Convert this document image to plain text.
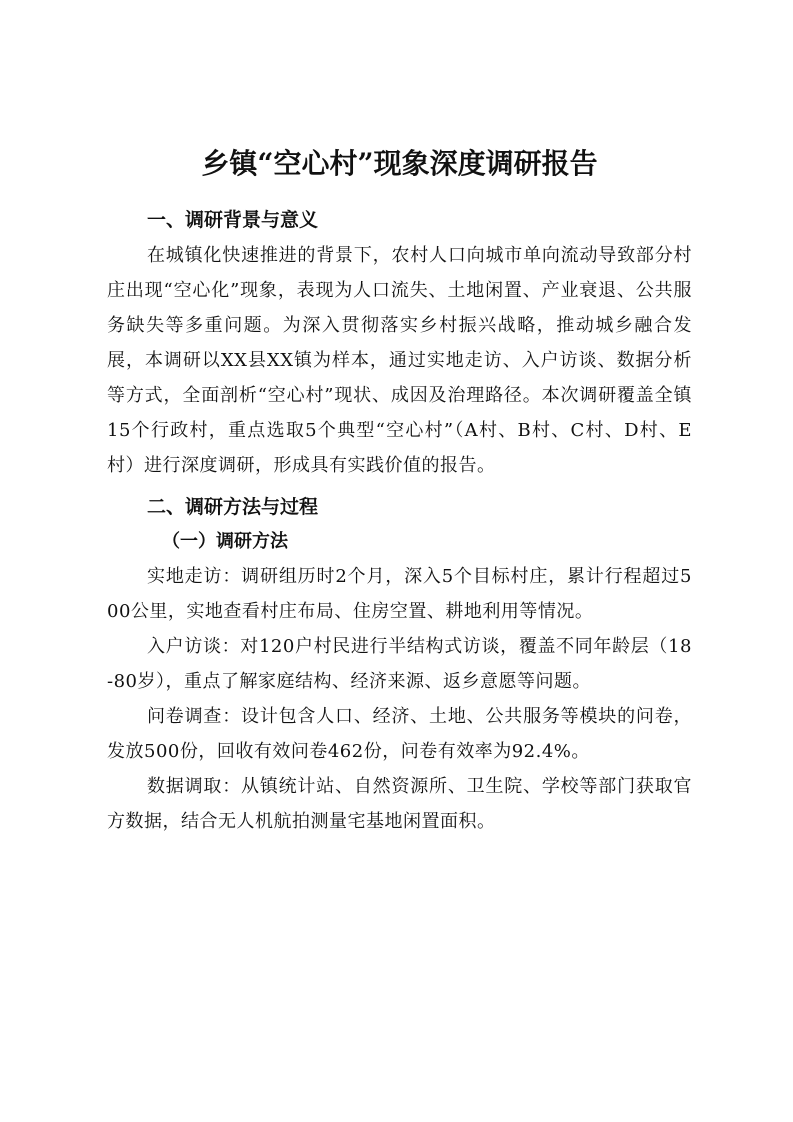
乡镇“空心村”现象深度调研报告
一、调研背景与意义

在城镇化快速推进的背景下，农村人口向城市单向流动导致部分村庄出现“空心化”现象，表现为人口流失、土地闲置、产业衰退、公共服务缺失等多重问题。为深入贯彻落实乡村振兴战略，推动城乡融合发展，本调研以XX县XX镇为样本，通过实地走访、入户访谈、数据分析等方式，全面剖析“空心村”现状、成因及治理路径。本次调研覆盖全镇15个行政村，重点选取5个典型“空心村”（A村、B村、C村、D村、E村）进行深度调研，形成具有实践价值的报告。

二、调研方法与过程
（一）调研方法

实地走访：调研组历时2个月，深入5个目标村庄，累计行程超过500公里，实地查看村庄布局、住房空置、耕地利用等情况。

入户访谈：对120户村民进行半结构式访谈，覆盖不同年龄层（18-80岁），重点了解家庭结构、经济来源、返乡意愿等问题。

问卷调查：设计包含人口、经济、土地、公共服务等模块的问卷，发放500份，回收有效问卷462份，问卷有效率为92.4%。

数据调取：从镇统计站、自然资源所、卫生院、学校等部门获取官方数据，结合无人机航拍测量宅基地闲置面积。
